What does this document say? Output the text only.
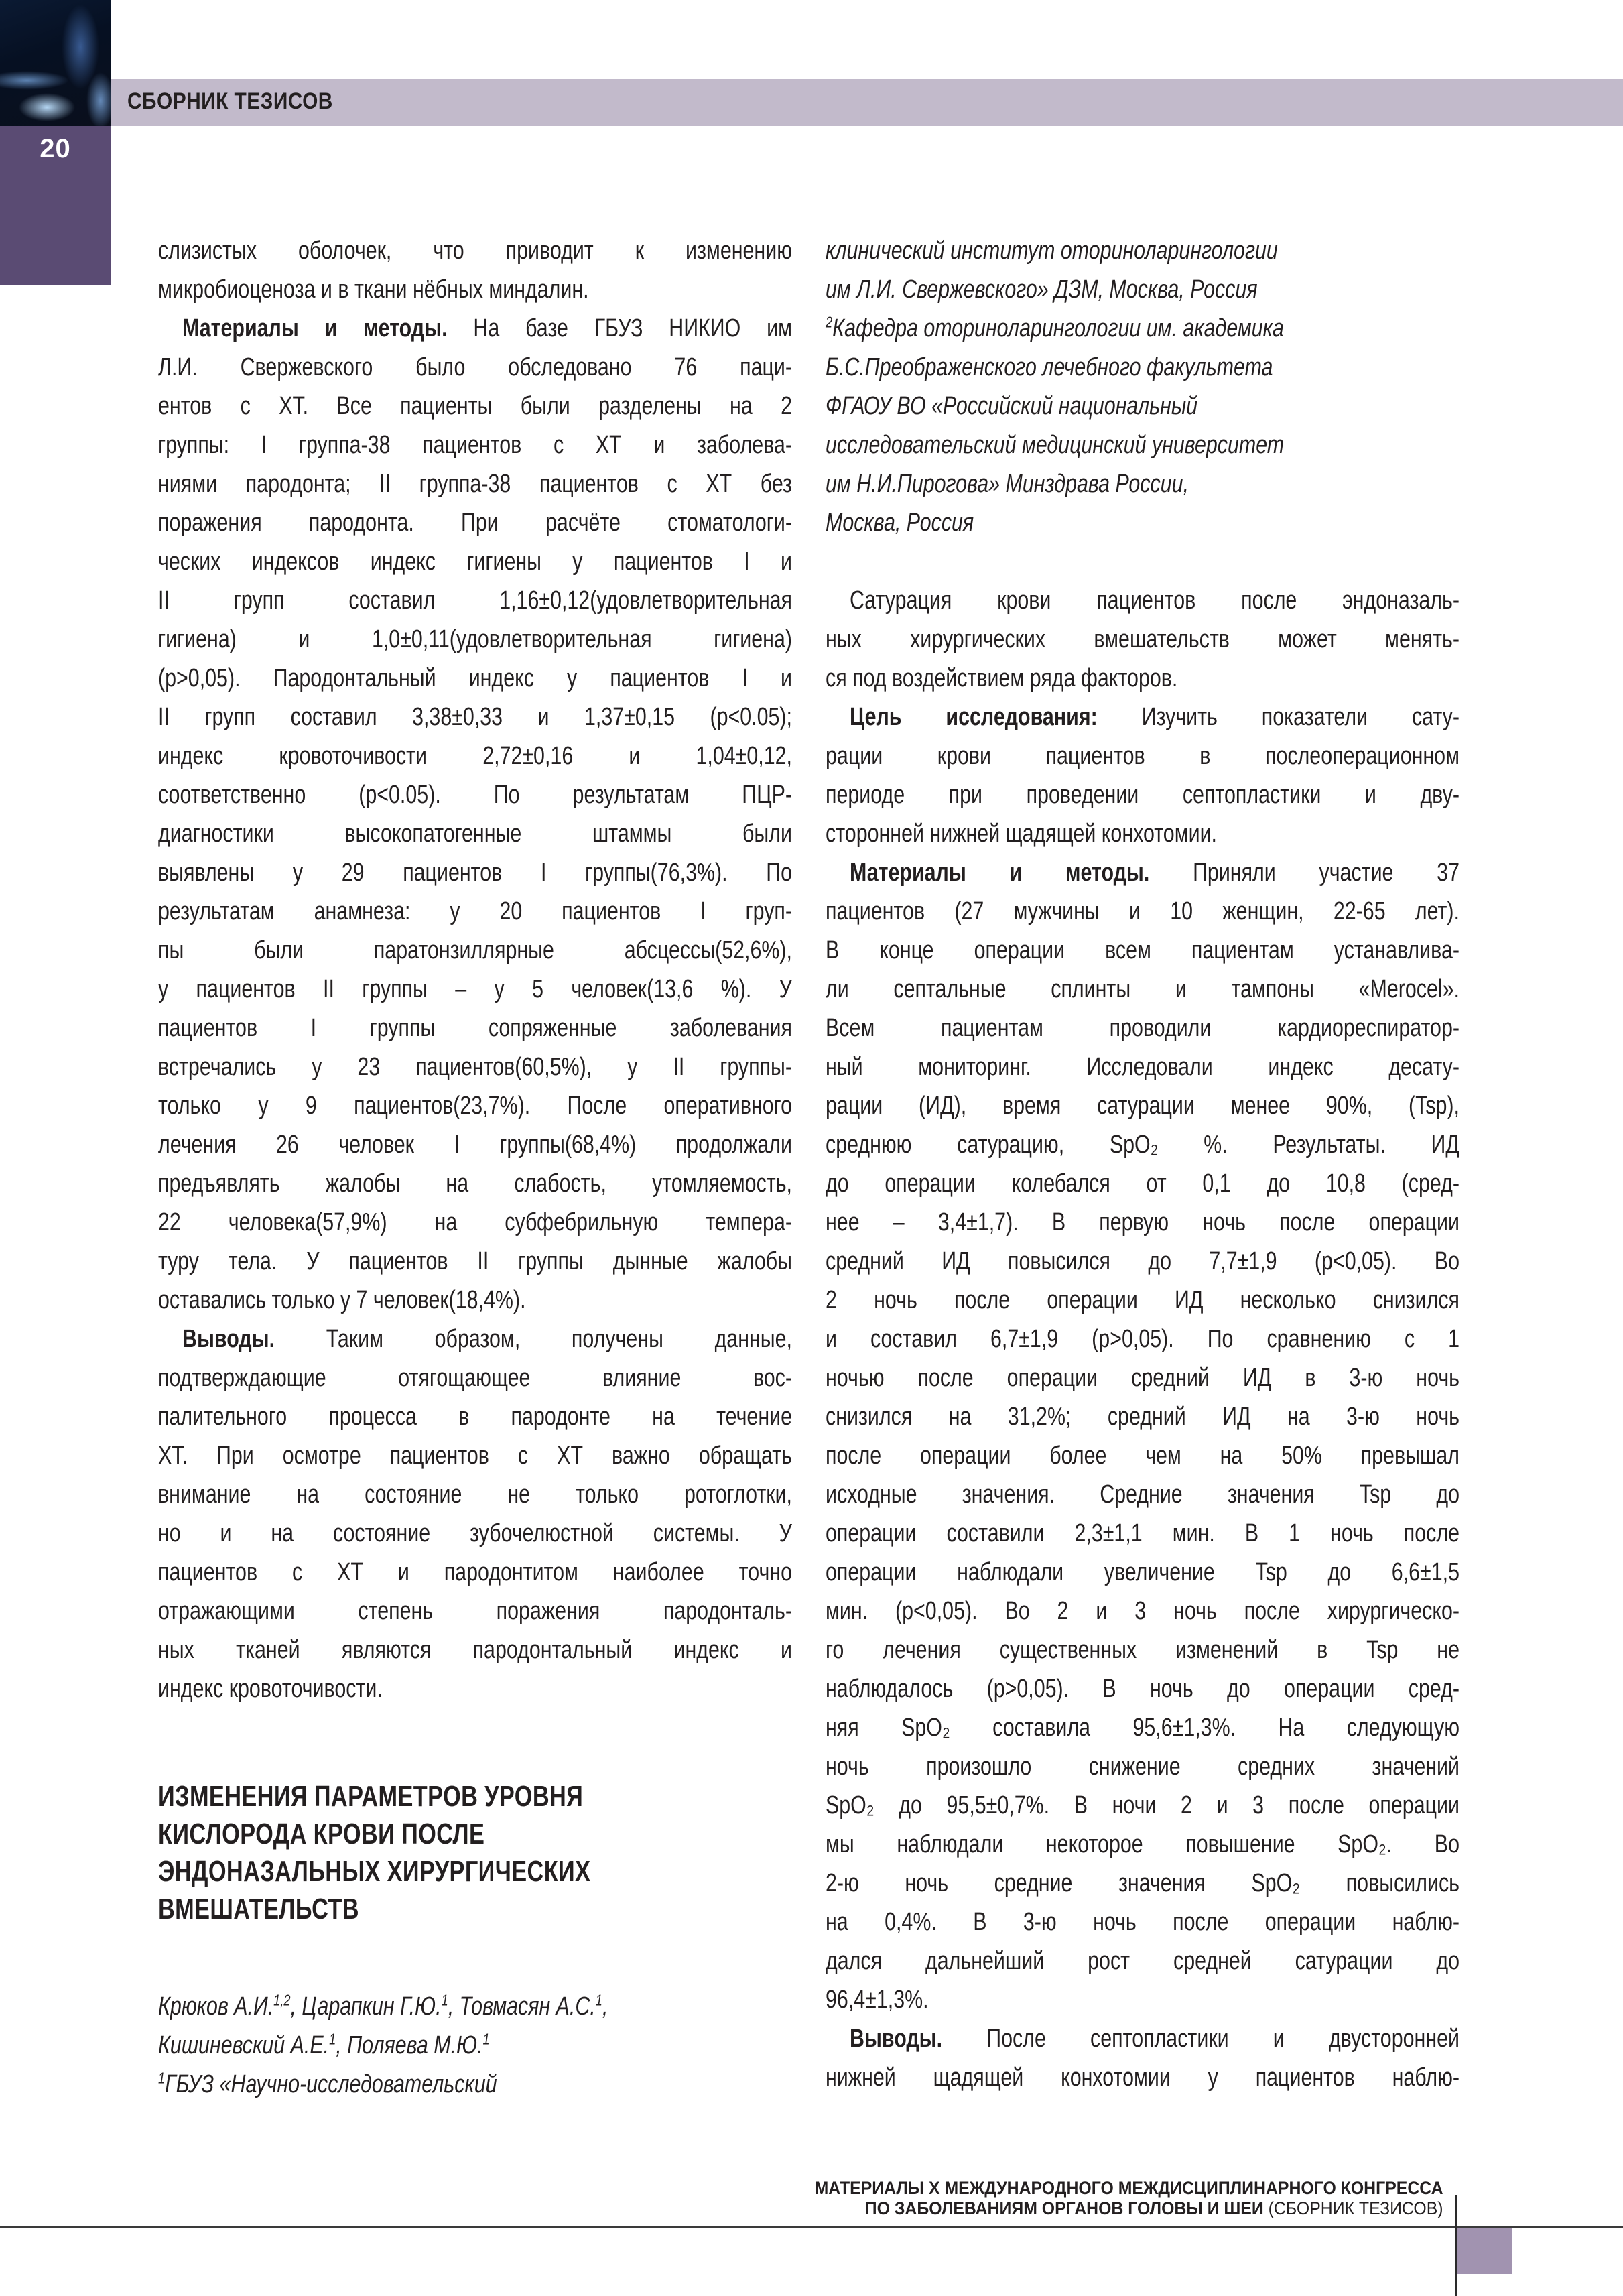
20
СБОРНИК ТЕЗИСОВ
слизистых оболочек, что приводит к изменению
микробиоценоза и в ткани нёбных миндалин.
Материалы и методы. На базе ГБУЗ НИКИО им
Л.И. Свержевского было обследовано 76 паци-
ентов с ХТ. Все пациенты были разделены на 2
группы: I группа-38 пациентов с ХТ и заболева-
ниями пародонта; II группа-38 пациентов с ХТ без
поражения пародонта. При расчёте стоматологи-
ческих индексов индекс гигиены у пациентов I и
II групп составил 1,16±0,12(удовлетворительная
гигиена) и 1,0±0,11(удовлетворительная гигиена)
(p>0,05). Пародонтальный индекс у пациентов I и
II групп составил 3,38±0,33 и 1,37±0,15 (p<0.05);
индекс кровоточивости 2,72±0,16 и 1,04±0,12,
соответственно (p<0.05). По результатам ПЦР-
диагностики высокопатогенные штаммы были
выявлены у 29 пациентов I группы(76,3%). По
результатам анамнеза: у 20 пациентов I груп-
пы были паратонзиллярные абсцессы(52,6%),
у пациентов II группы – у 5 человек(13,6 %). У
пациентов I группы сопряженные заболевания
встречались у 23 пациентов(60,5%), у II группы-
только у 9 пациентов(23,7%). После оперативного
лечения 26 человек I группы(68,4%) продолжали
предъявлять жалобы на слабость, утомляемость,
22 человека(57,9%) на субфебрильную темпера-
туру тела. У пациентов II группы дынные жалобы
оставались только у 7 человек(18,4%).
Выводы. Таким образом, получены данные,
подтверждающие отягощающее влияние вос-
палительного процесса в пародонте на течение
ХТ. При осмотре пациентов с ХТ важно обращать
внимание на состояние не только ротоглотки,
но и на состояние зубочелюстной системы. У
пациентов с ХТ и пародонтитом наиболее точно
отражающими степень поражения пародонталь-
ных тканей являются пародонтальный индекс и
индекс кровоточивости.
ИЗМЕНЕНИЯ ПАРАМЕТРОВ УРОВНЯ
КИСЛОРОДА КРОВИ ПОСЛЕ
ЭНДОНАЗАЛЬНЫХ ХИРУРГИЧЕСКИХ
ВМЕШАТЕЛЬСТВ
Крюков А.И.$^{1,2}$, Царапкин Г.Ю.$^1$, Товмасян А.С.$^1$,
Кишиневский А.Е.$^1$, Поляева М.Ю.$^1$
$^1$ГБУЗ «Научно-исследовательский
клинический институт оториноларингологии
им Л.И. Свержевского» ДЗМ, Москва, Россия
$^2$Кафедра оториноларингологии им. академика
Б.С.Преображенского лечебного факультета
ФГАОУ ВО «Российский национальный
исследовательский медицинский университет
им Н.И.Пирогова» Минздрава России,
Москва, Россия
Сатурация крови пациентов после эндоназаль-
ных хирургических вмешательств может менять-
ся под воздействием ряда факторов.
Цель исследования: Изучить показатели сату-
рации крови пациентов в послеоперационном
периоде при проведении септопластики и дву-
сторонней нижней щадящей конхотомии.
Материалы и методы. Приняли участие 37
пациентов (27 мужчины и 10 женщин, 22-65 лет).
В конце операции всем пациентам устанавлива-
ли септальные сплинты и тампоны «Merocel».
Всем пациентам проводили кардиореспиратор-
ный мониторинг. Исследовали индекс десату-
рации (ИД), время сатурации менее 90%, (Tsp),
среднюю сатурацию, SpO₂ %. Результаты. ИД
до операции колебался от 0,1 до 10,8 (сред-
нее – 3,4±1,7). В первую ночь после операции
средний ИД повысился до 7,7±1,9 (p<0,05). Во
2 ночь после операции ИД несколько снизился
и составил 6,7±1,9 (p>0,05). По сравнению с 1
ночью после операции средний ИД в 3-ю ночь
снизился на 31,2%; средний ИД на 3-ю ночь
после операции более чем на 50% превышал
исходные значения. Средние значения Tsp до
операции составили 2,3±1,1 мин. В 1 ночь после
операции наблюдали увеличение Tsp до 6,6±1,5
мин. (p<0,05). Во 2 и 3 ночь после хирургическо-
го лечения существенных изменений в Tsp не
наблюдалось (p>0,05). В ночь до операции сред-
няя SpO₂ составила 95,6±1,3%. На следующую
ночь произошло снижение средних значений
SpO₂ до 95,5±0,7%. В ночи 2 и 3 после операции
мы наблюдали некоторое повышение SpO₂. Во
2-ю ночь средние значения SpO₂ повысились
на 0,4%. В 3-ю ночь после операции наблю-
дался дальнейший рост средней сатурации до
96,4±1,3%.
Выводы. После септопластики и двусторонней
нижней щадящей конхотомии у пациентов наблю-
МАТЕРИАЛЫ X МЕЖДУНАРОДНОГО МЕЖДИСЦИПЛИНАРНОГО КОНГРЕССА
ПО ЗАБОЛЕВАНИЯМ ОРГАНОВ ГОЛОВЫ И ШЕИ (СБОРНИК ТЕЗИСОВ)
